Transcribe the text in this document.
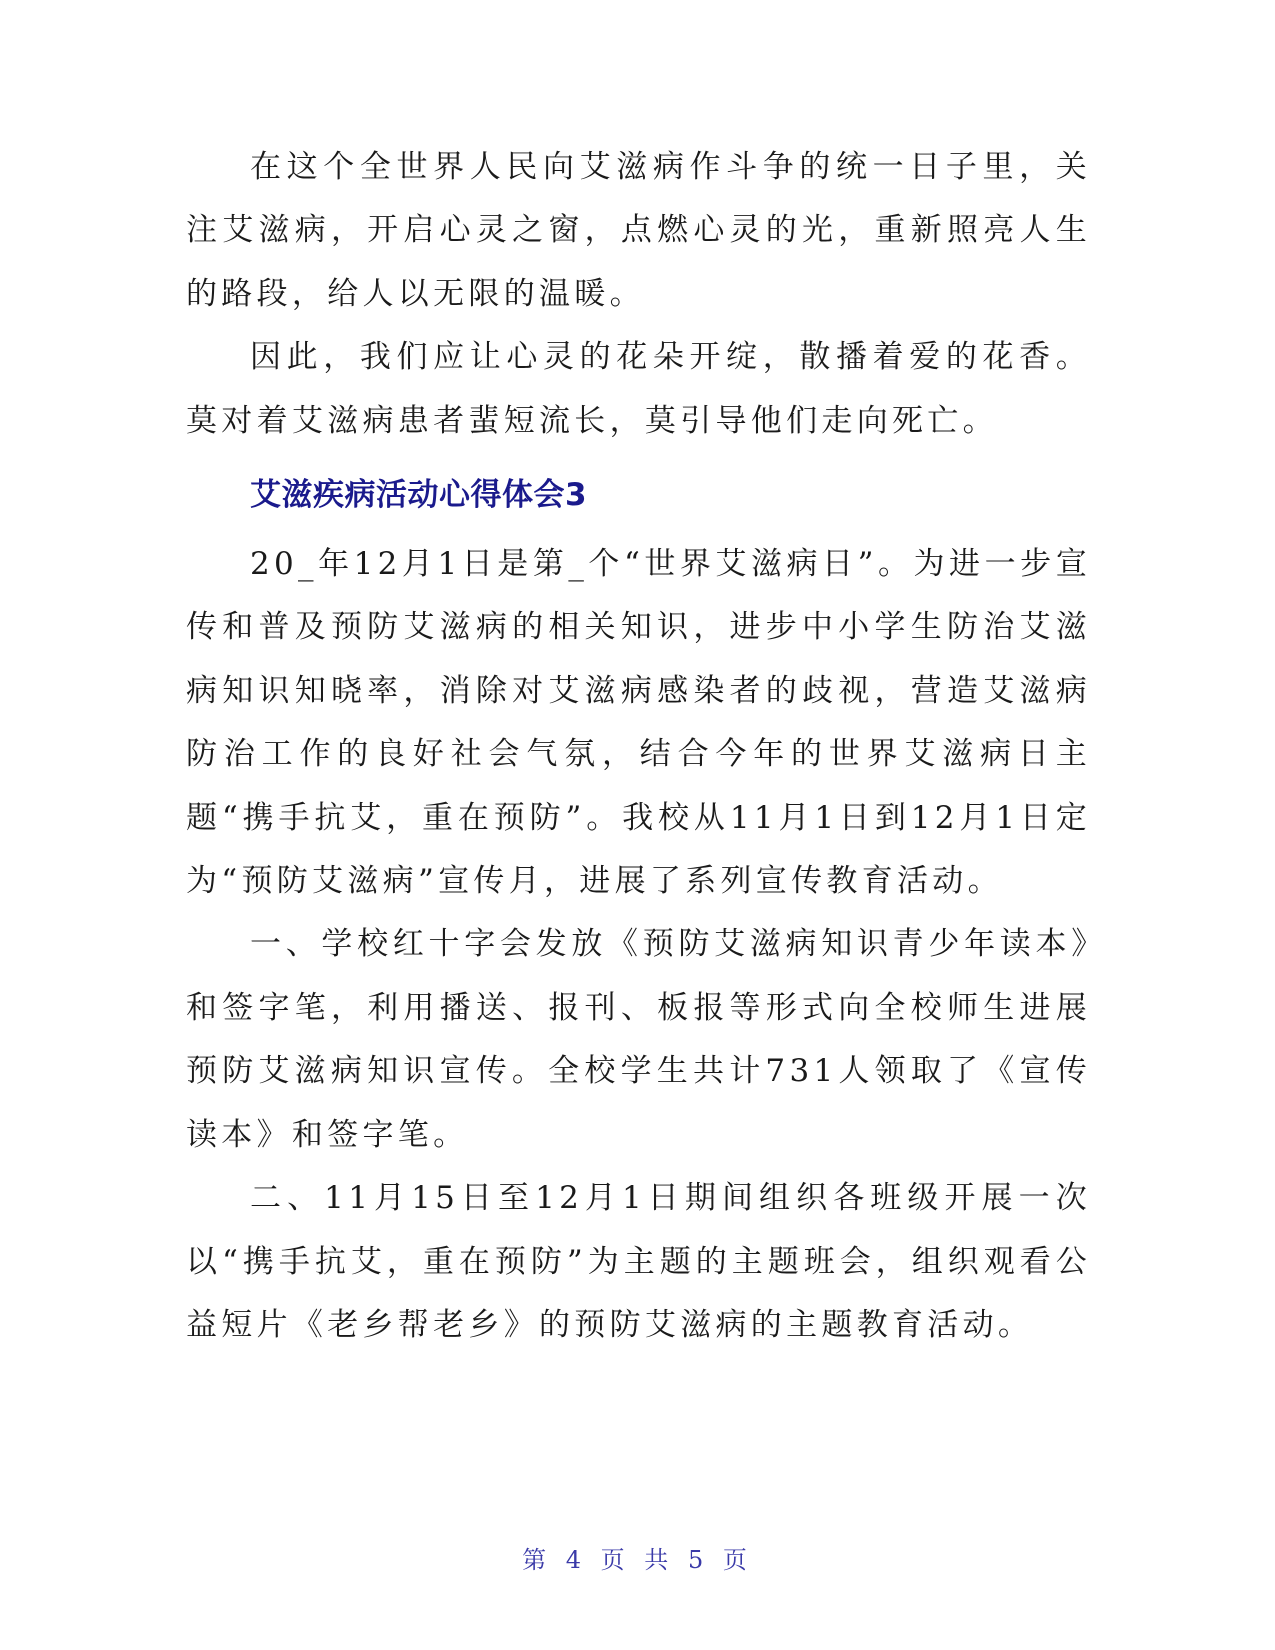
在这个全世界人民向艾滋病作斗争的统一日子里，关注艾滋病，开启心灵之窗，点燃心灵的光，重新照亮人生的路段，给人以无限的温暖。

因此，我们应让心灵的花朵开绽，散播着爱的花香。莫对着艾滋病患者蜚短流长，莫引导他们走向死亡。

艾滋疾病活动心得体会3

20_年12月1日是第_个“世界艾滋病日”。为进一步宣传和普及预防艾滋病的相关知识，进步中小学生防治艾滋病知识知晓率，消除对艾滋病感染者的歧视，营造艾滋病防治工作的良好社会气氛，结合今年的世界艾滋病日主题“携手抗艾，重在预防”。我校从11月1日到12月1日定为“预防艾滋病”宣传月，进展了系列宣传教育活动。

一、学校红十字会发放《预防艾滋病知识青少年读本》和签字笔，利用播送、报刊、板报等形式向全校师生进展预防艾滋病知识宣传。全校学生共计731人领取了《宣传读本》和签字笔。

二、11月15日至12月1日期间组织各班级开展一次以“携手抗艾，重在预防”为主题的主题班会，组织观看公益短片《老乡帮老乡》的预防艾滋病的主题教育活动。

第 4 页 共 5 页
